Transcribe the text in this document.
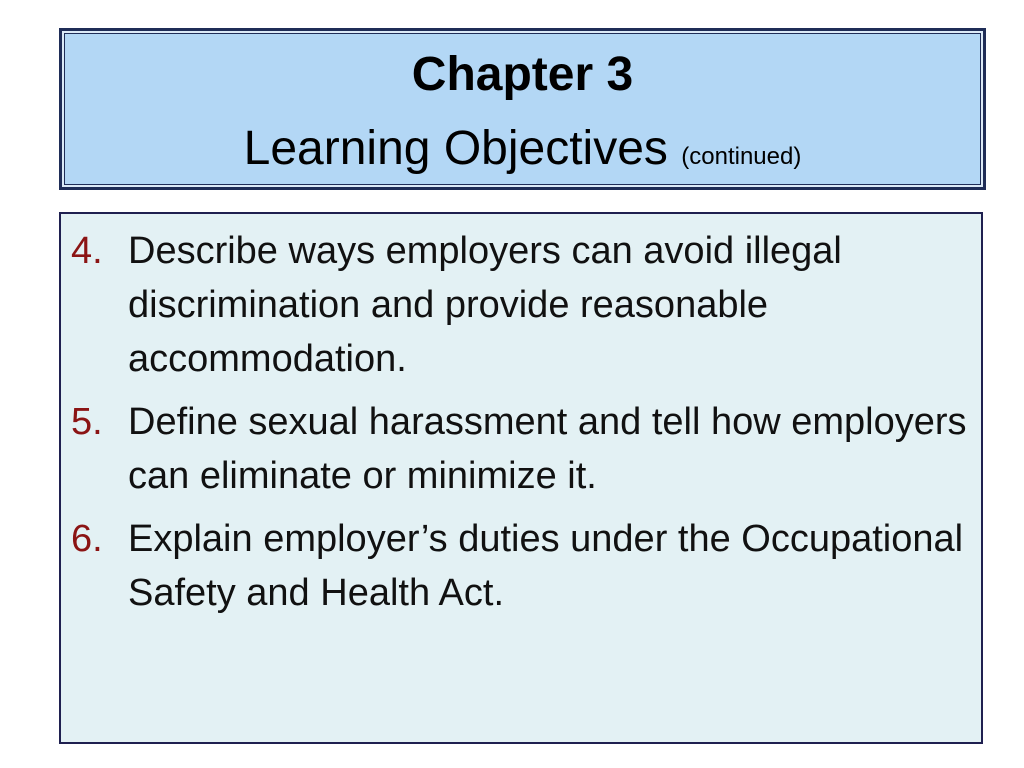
Chapter 3
Learning Objectives (continued)
4. Describe ways employers can avoid illegal discrimination and provide reasonable accommodation.
5. Define sexual harassment and tell how employers can eliminate or minimize it.
6. Explain employer’s duties under the Occupational Safety and Health Act.
